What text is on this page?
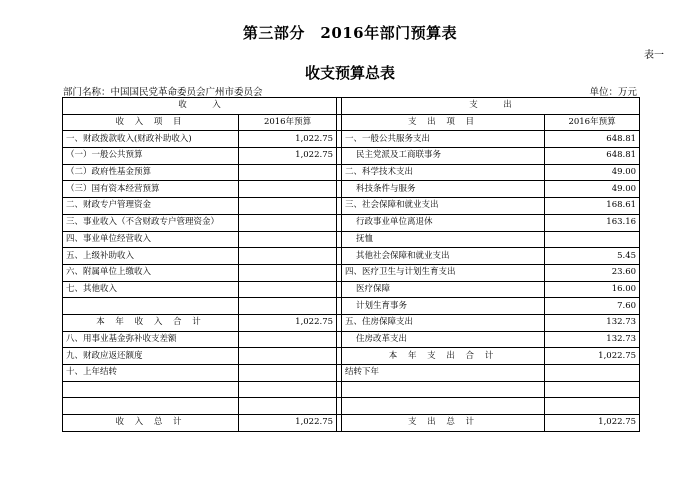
第三部分　2016年部门预算表
表一
收支预算总表
部门名称：中国国民党革命委员会广州市委员会	单位：万元
收　　　入			支　　　出	
收 入 项 目	2016年预算		支 出 项 目	2016年预算
一、财政拨款收入(财政补助收入)	1,022.75		一、一般公共服务支出	648.81
（一）一般公共预算	1,022.75		民主党派及工商联事务	648.81
（二）政府性基金预算			二、科学技术支出	49.00
（三）国有资本经营预算			科技条件与服务	49.00
二、财政专户管理资金			三、社会保障和就业支出	168.61
三、事业收入（不含财政专户管理资金）			行政事业单位离退休	163.16
四、事业单位经营收入			抚恤	
五、上级补助收入			其他社会保障和就业支出	5.45
六、附属单位上缴收入			四、医疗卫生与计划生育支出	23.60
七、其他收入			医疗保障	16.00
			计划生育事务	7.60
本 年 收 入 合 计	1,022.75		五、住房保障支出	132.73
八、用事业基金弥补收支差额			住房改革支出	132.73
九、财政应返还额度			本 年 支 出 合 计	1,022.75
十、上年结转			结转下年	

收 入 总 计	1,022.75		支 出 总 计	1,022.75
